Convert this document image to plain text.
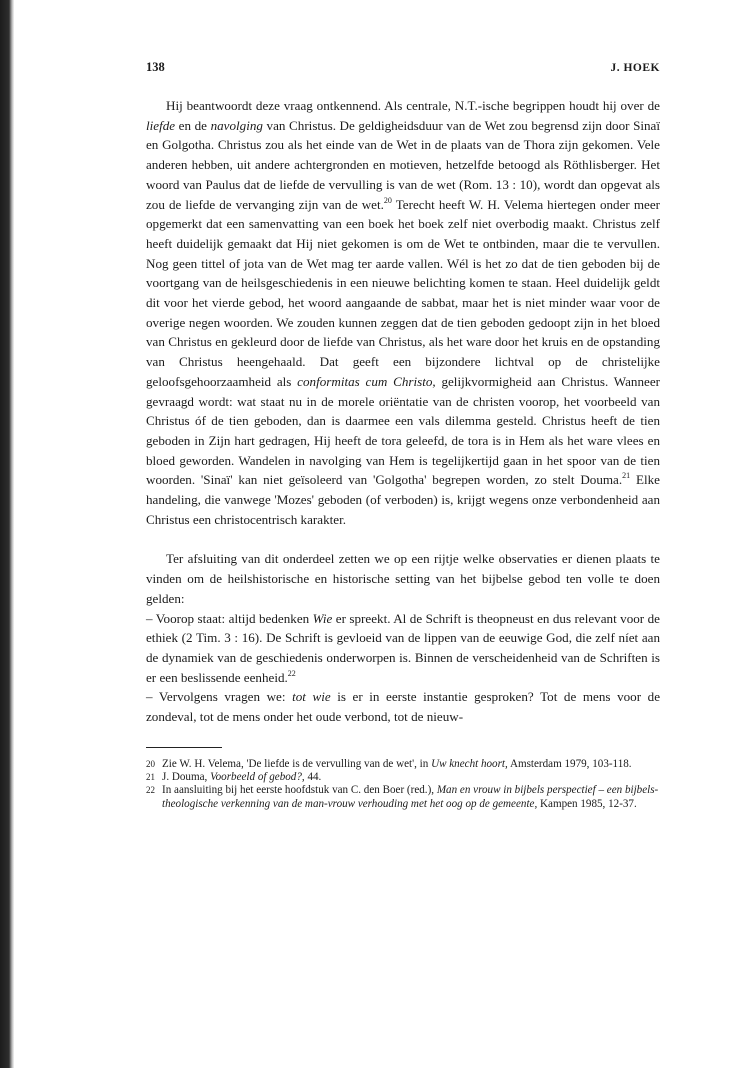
138	J. HOEK

Hij beantwoordt deze vraag ontkennend. Als centrale, N.T.-ische begrippen houdt hij over de liefde en de navolging van Christus. De geldigheidsduur van de Wet zou begrensd zijn door Sinaï en Golgotha. Christus zou als het einde van de Wet in de plaats van de Thora zijn gekomen. Vele anderen hebben, uit andere achtergronden en motieven, hetzelfde betoogd als Röthlisberger. Het woord van Paulus dat de liefde de vervulling is van de wet (Rom. 13 : 10), wordt dan opgevat als zou de liefde de vervanging zijn van de wet.$^{20}$ Terecht heeft W. H. Velema hiertegen onder meer opgemerkt dat een samenvatting van een boek het boek zelf niet overbodig maakt. Christus zelf heeft duidelijk gemaakt dat Hij niet gekomen is om de Wet te ontbinden, maar die te vervullen. Nog geen tittel of jota van de Wet mag ter aarde vallen. Wél is het zo dat de tien geboden bij de voortgang van de heilsgeschiedenis in een nieuwe belichting komen te staan. Heel duidelijk geldt dit voor het vierde gebod, het woord aangaande de sabbat, maar het is niet minder waar voor de overige negen woorden. We zouden kunnen zeggen dat de tien geboden gedoopt zijn in het bloed van Christus en gekleurd door de liefde van Christus, als het ware door het kruis en de opstanding van Christus heengehaald. Dat geeft een bijzondere lichtval op de christelijke geloofsgehoorzaamheid als conformitas cum Christo, gelijkvormigheid aan Christus. Wanneer gevraagd wordt: wat staat nu in de morele oriëntatie van de christen voorop, het voorbeeld van Christus óf de tien geboden, dan is daarmee een vals dilemma gesteld. Christus heeft de tien geboden in Zijn hart gedragen, Hij heeft de tora geleefd, de tora is in Hem als het ware vlees en bloed geworden. Wandelen in navolging van Hem is tegelijkertijd gaan in het spoor van de tien woorden. 'Sinaï' kan niet geïsoleerd van 'Golgotha' begrepen worden, zo stelt Douma.$^{21}$ Elke handeling, die vanwege 'Mozes' geboden (of verboden) is, krijgt wegens onze verbondenheid aan Christus een christocentrisch karakter.

Ter afsluiting van dit onderdeel zetten we op een rijtje welke observaties er dienen plaats te vinden om de heilshistorische en historische setting van het bijbelse gebod ten volle te doen gelden:

– Voorop staat: altijd bedenken Wie er spreekt. Al de Schrift is theopneust en dus relevant voor de ethiek (2 Tim. 3 : 16). De Schrift is gevloeid van de lippen van de eeuwige God, die zelf níet aan de dynamiek van de geschiedenis onderworpen is. Binnen de verscheidenheid van de Schriften is er een beslissende eenheid.$^{22}$

– Vervolgens vragen we: tot wie is er in eerste instantie gesproken? Tot de mens voor de zondeval, tot de mens onder het oude verbond, tot de nieuw-

20 Zie W. H. Velema, 'De liefde is de vervulling van de wet', in Uw knecht hoort, Amsterdam 1979, 103-118.
21 J. Douma, Voorbeeld of gebod?, 44.
22 In aansluiting bij het eerste hoofdstuk van C. den Boer (red.), Man en vrouw in bijbels perspectief – een bijbels-theologische verkenning van de man-vrouw verhouding met het oog op de gemeente, Kampen 1985, 12-37.
